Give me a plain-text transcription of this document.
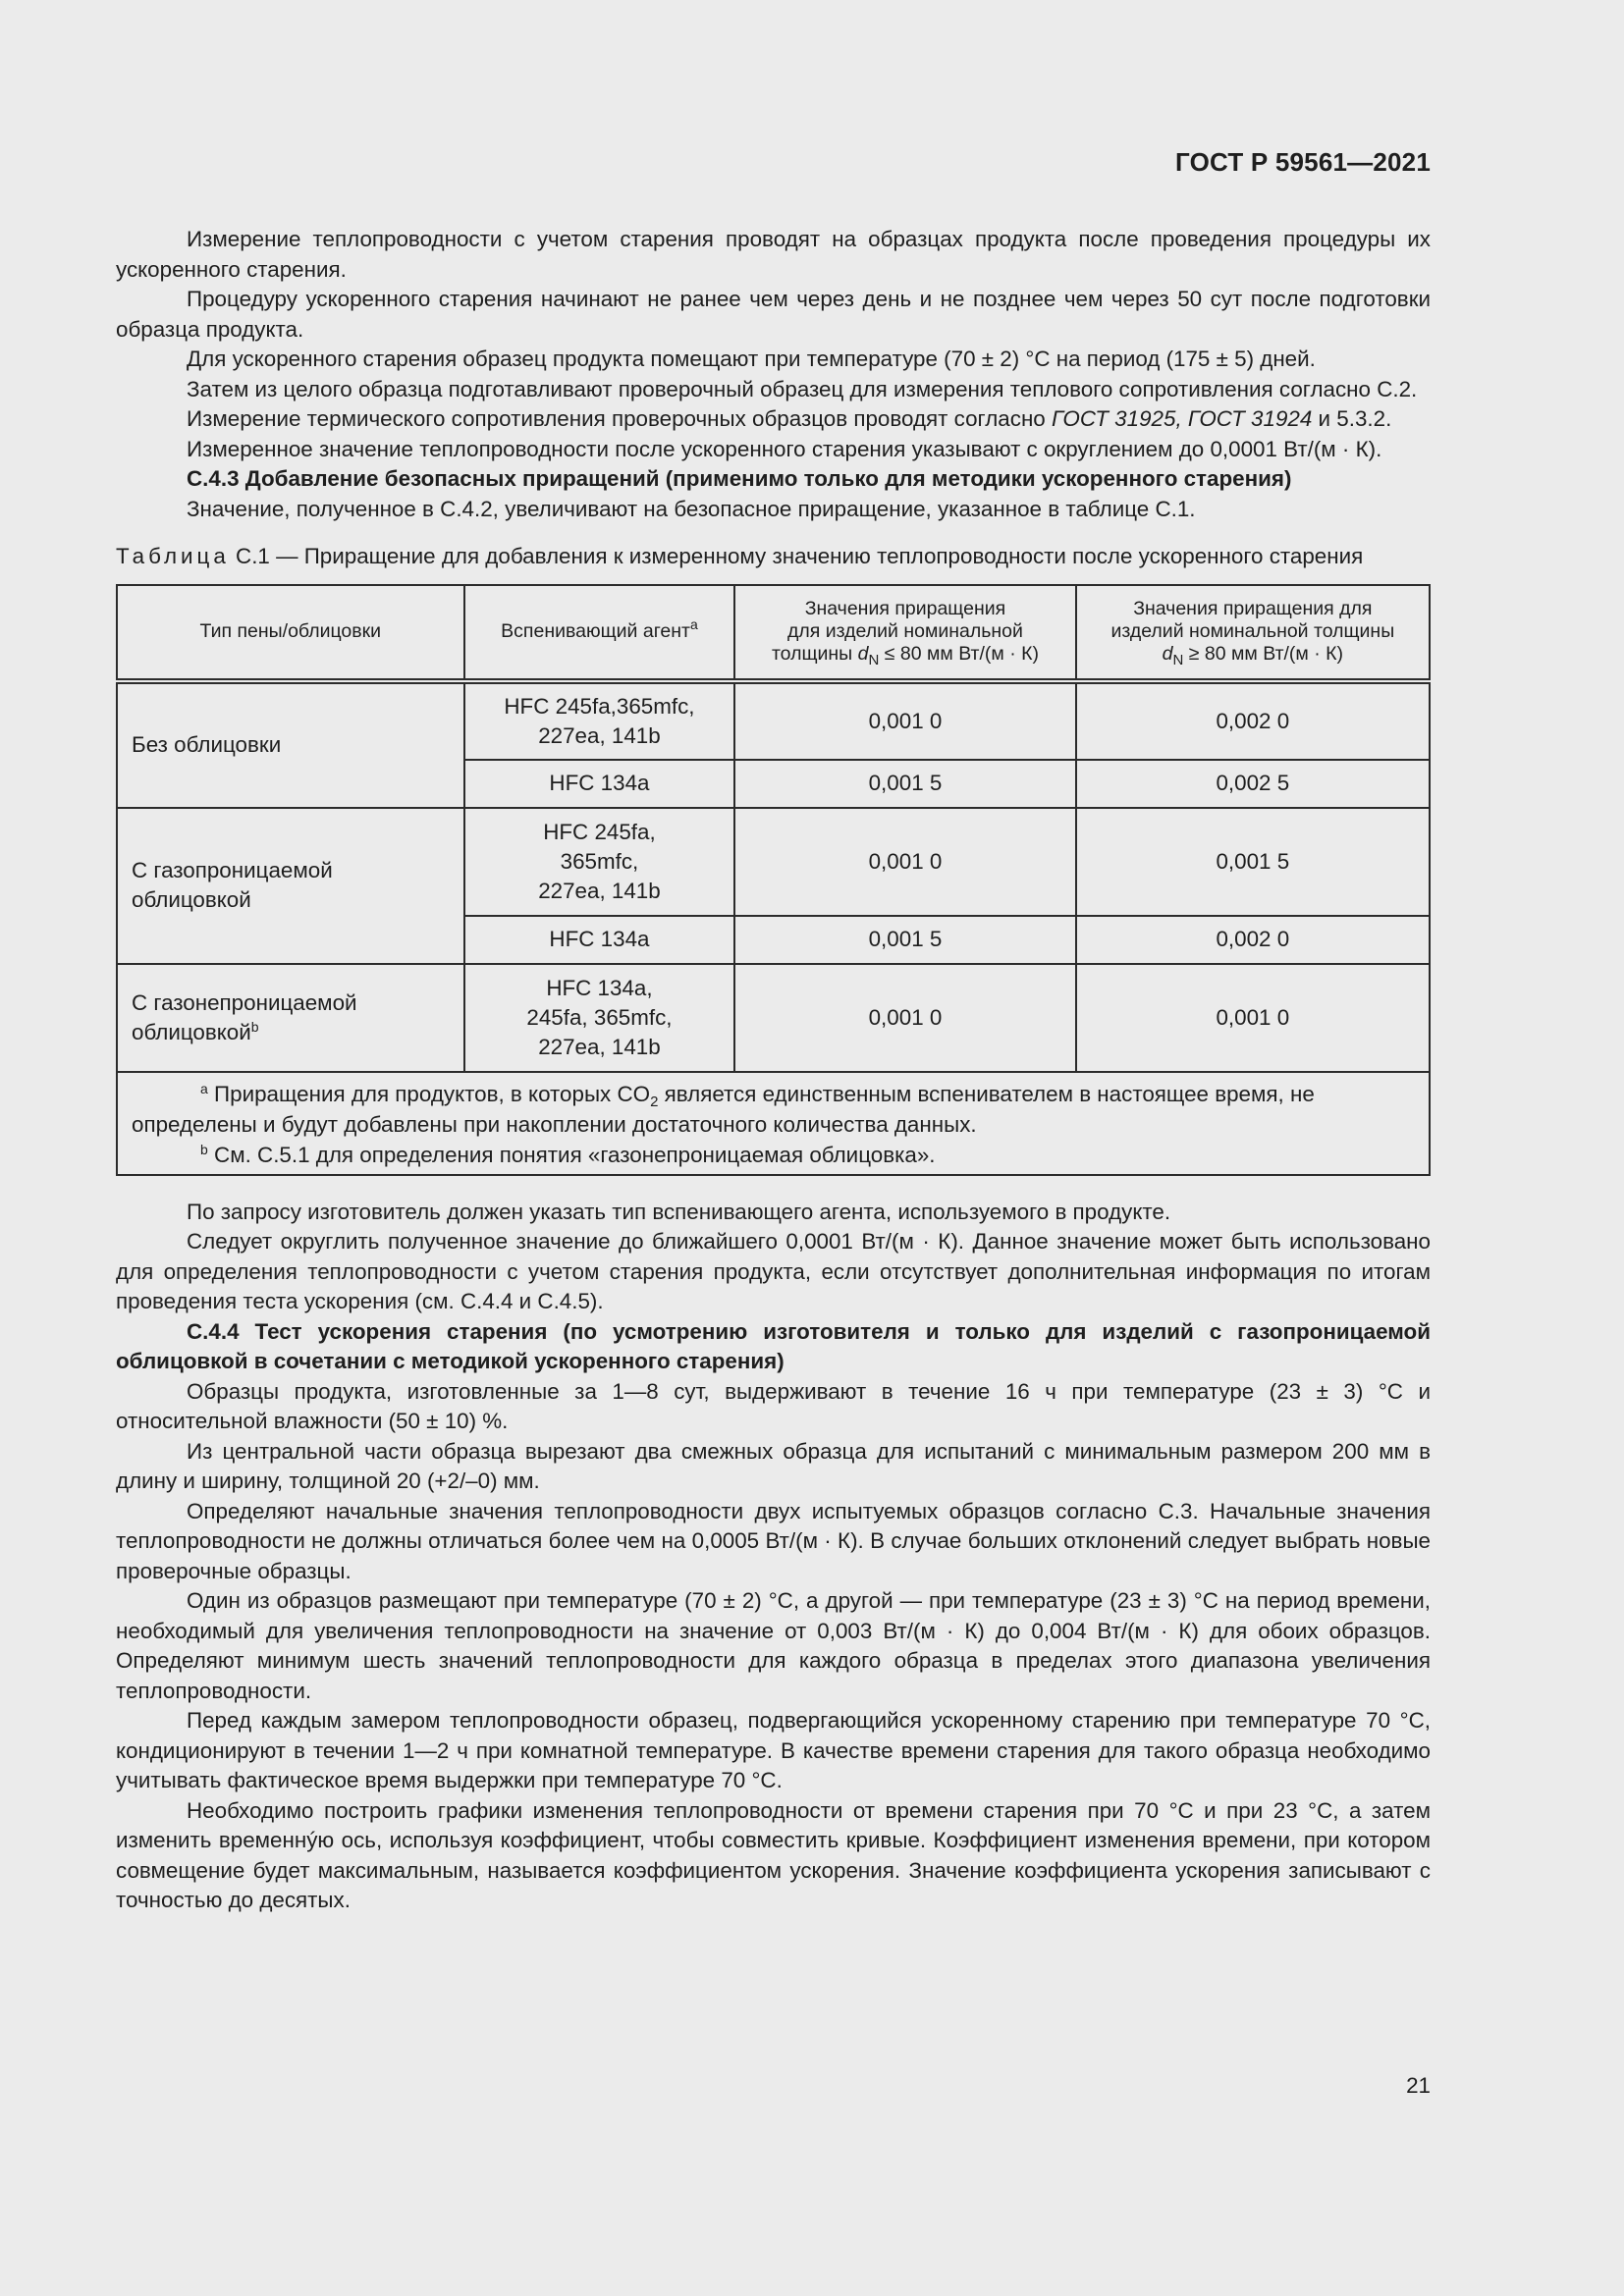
ГОСТ Р 59561—2021

Измерение теплопроводности с учетом старения проводят на образцах продукта после проведения процедуры их ускоренного старения.

Процедуру ускоренного старения начинают не ранее чем через день и не позднее чем через 50 сут после подготовки образца продукта.

Для ускоренного старения образец продукта помещают при температуре (70 ± 2) °С на период (175 ± 5) дней.

Затем из целого образца подготавливают проверочный образец для измерения теплового сопротивления согласно С.2.

Измерение термического сопротивления проверочных образцов проводят согласно ГОСТ 31925, ГОСТ 31924 и 5.3.2.

Измеренное значение теплопроводности после ускоренного старения указывают с округлением до 0,0001 Вт/(м · К).

С.4.3 Добавление безопасных приращений (применимо только для методики ускоренного старения)

Значение, полученное в С.4.2, увеличивают на безопасное приращение, указанное в таблице С.1.

Таблица С.1 — Приращение для добавления к измеренному значению теплопроводности после ускоренного старения

Тип пены/облицовки	Вспенивающий агент$^а$	Значения приращения
для изделий номинальной
толщины $d_N \le 80$ мм Вт/(м · К)	Значения приращения для
изделий номинальной толщины
$d_N \ge 80$ мм Вт/(м · К)
Без облицовки	HFC 245fa,365mfc,
227ea, 141b	0,001 0	0,002 0
	HFC 134a	0,001 5	0,002 5
С газопроницаемой
облицовкой	HFC 245fa,
365mfc,
227ea, 141b	0,001 0	0,001 5
	HFC 134a	0,001 5	0,002 0
С газонепроницаемой
облицовкой$^b$	HFC 134a,
245fa, 365mfc,
227ea, 141b	0,001 0	0,001 0

$^а$ Приращения для продуктов, в которых $CO_2$ является единственным вспенивателем в настоящее время, не определены и будут добавлены при накоплении достаточного количества данных.
$^b$ См. С.5.1 для определения понятия «газонепроницаемая облицовка».			

По запросу изготовитель должен указать тип вспенивающего агента, используемого в продукте.

Следует округлить полученное значение до ближайшего 0,0001 Вт/(м · К). Данное значение может быть использовано для определения теплопроводности с учетом старения продукта, если отсутствует дополнительная информация по итогам проведения теста ускорения (см. С.4.4 и С.4.5).

С.4.4 Тест ускорения старения (по усмотрению изготовителя и только для изделий с газопроницаемой облицовкой в сочетании с методикой ускоренного старения)

Образцы продукта, изготовленные за 1—8 сут, выдерживают в течение 16 ч при температуре (23 ± 3) °С и относительной влажности (50 ± 10) %.

Из центральной части образца вырезают два смежных образца для испытаний с минимальным размером 200 мм в длину и ширину, толщиной 20 (+2/–0) мм.

Определяют начальные значения теплопроводности двух испытуемых образцов согласно С.3. Начальные значения теплопроводности не должны отличаться более чем на 0,0005 Вт/(м · К). В случае больших отклонений следует выбрать новые проверочные образцы.

Один из образцов размещают при температуре (70 ± 2) °С, а другой — при температуре (23 ± 3) °С на период времени, необходимый для увеличения теплопроводности на значение от 0,003 Вт/(м · К) до 0,004 Вт/(м · К) для обоих образцов. Определяют минимум шесть значений теплопроводности для каждого образца в пределах этого диапазона увеличения теплопроводности.

Перед каждым замером теплопроводности образец, подвергающийся ускоренному старению при температуре 70 °С, кондиционируют в течении 1—2 ч при комнатной температуре. В качестве времени старения для такого образца необходимо учитывать фактическое время выдержки при температуре 70 °С.

Необходимо построить графики изменения теплопроводности от времени старения при 70 °С и при 23 °С, а затем изменить временнýю ось, используя коэффициент, чтобы совместить кривые. Коэффициент изменения времени, при котором совмещение будет максимальным, называется коэффициентом ускорения. Значение коэффициента ускорения записывают с точностью до десятых.

21
